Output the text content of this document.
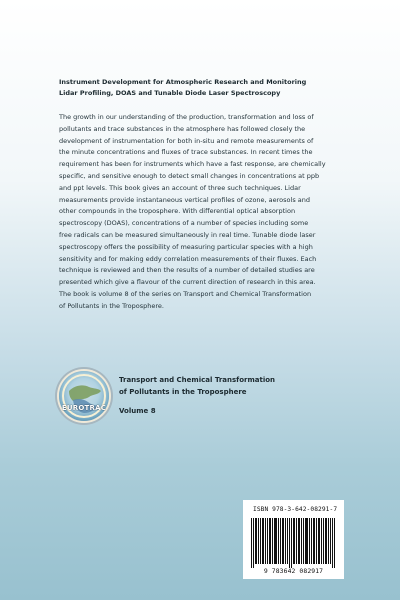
Instrument Development for Atmospheric Research and Monitoring
Lidar Profiling, DOAS and Tunable Diode Laser Spectroscopy
The growth in our understanding of the production, transformation and loss of
pollutants and trace substances in the atmosphere has followed closely the
development of instrumentation for both in-situ and remote measurements of
the minute concentrations and fluxes of trace substances. In recent times the
requirement has been for instruments which have a fast response, are chemically
specific, and sensitive enough to detect small changes in concentrations at ppb
and ppt levels. This book gives an account of three such techniques. Lidar
measurements provide instantaneous vertical profiles of ozone, aerosols and
other compounds in the troposphere. With differential optical absorption
spectroscopy (DOAS), concentrations of a number of species including some
free radicals can be measured simultaneously in real time. Tunable diode laser
spectroscopy offers the possibility of measuring particular species with a high
sensitivity and for making eddy correlation measurements of their fluxes. Each
technique is reviewed and then the results of a number of detailed studies are
presented which give a flavour of the current direction of research in this area.
The book is volume 8 of the series on Transport and Chemical Transformation
of Pollutants in the Troposphere.
EUROTRAC
Transport and Chemical Transformation
of Pollutants in the Troposphere
Volume 8
ISBN 978-3-642-08291-7
9 783642 082917
